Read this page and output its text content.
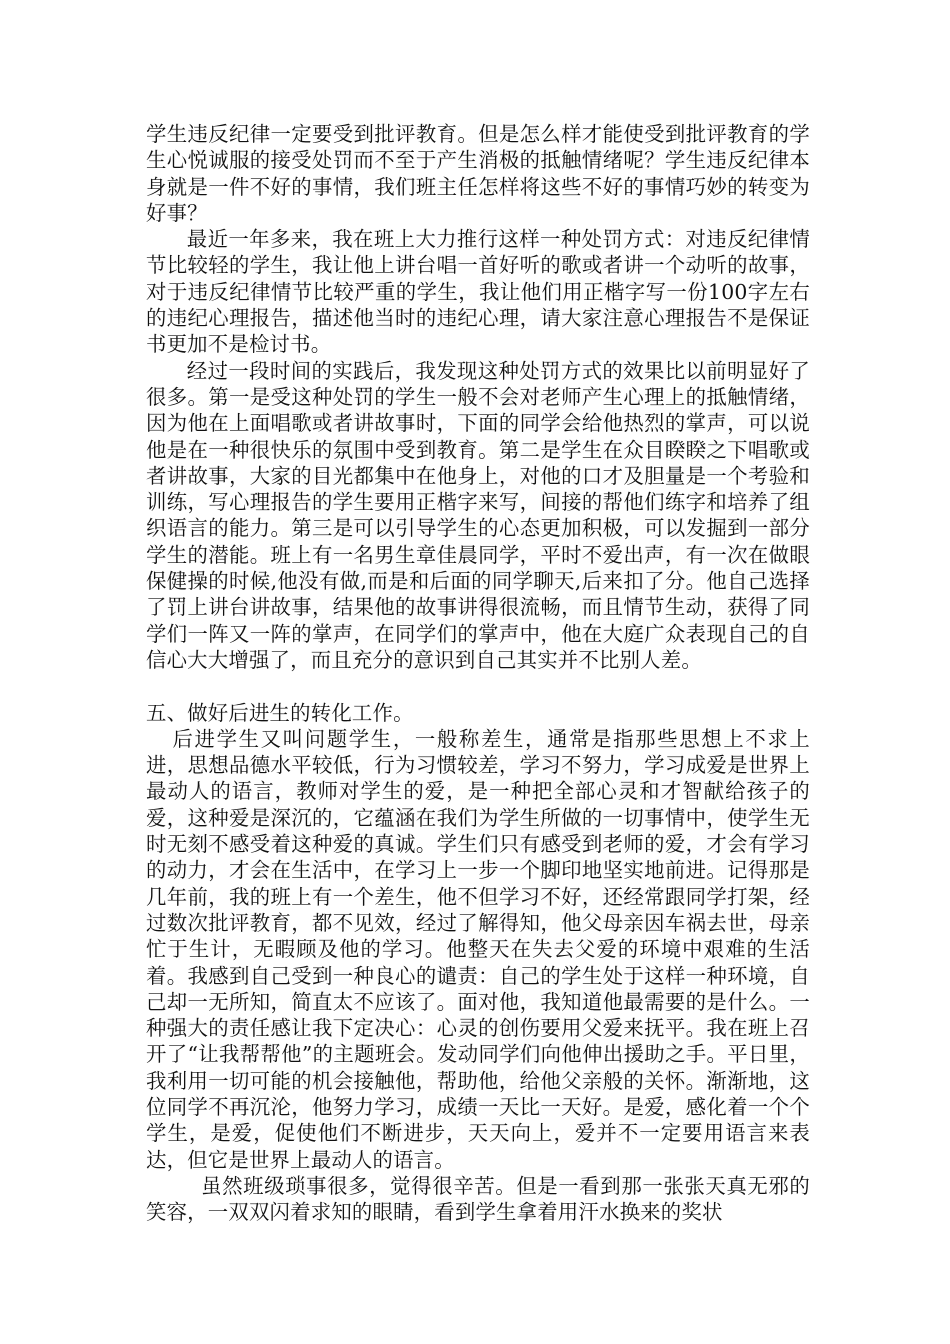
学生违反纪律一定要受到批评教育。但是怎么样才能使受到批评教育的学生心悦诚服的接受处罚而不至于产生消极的抵触情绪呢？学生违反纪律本身就是一件不好的事情，我们班主任怎样将这些不好的事情巧妙的转变为好事？

最近一年多来，我在班上大力推行这样一种处罚方式：对违反纪律情节比较轻的学生，我让他上讲台唱一首好听的歌或者讲一个动听的故事，对于违反纪律情节比较严重的学生，我让他们用正楷字写一份100字左右的违纪心理报告，描述他当时的违纪心理，请大家注意心理报告不是保证书更加不是检讨书。

经过一段时间的实践后，我发现这种处罚方式的效果比以前明显好了很多。第一是受这种处罚的学生一般不会对老师产生心理上的抵触情绪，因为他在上面唱歌或者讲故事时，下面的同学会给他热烈的掌声，可以说他是在一种很快乐的氛围中受到教育。第二是学生在众目睽睽之下唱歌或者讲故事，大家的目光都集中在他身上，对他的口才及胆量是一个考验和训练，写心理报告的学生要用正楷字来写，间接的帮他们练字和培养了组织语言的能力。第三是可以引导学生的心态更加积极，可以发掘到一部分学生的潜能。班上有一名男生章佳晨同学，平时不爱出声，有一次在做眼保健操的时候,他没有做,而是和后面的同学聊天,后来扣了分。他自己选择了罚上讲台讲故事，结果他的故事讲得很流畅，而且情节生动，获得了同学们一阵又一阵的掌声，在同学们的掌声中，他在大庭广众表现自己的自信心大大增强了，而且充分的意识到自己其实并不比别人差。

五、做好后进生的转化工作。

后进学生又叫问题学生，一般称差生，通常是指那些思想上不求上进，思想品德水平较低，行为习惯较差，学习不努力，学习成爱是世界上最动人的语言，教师对学生的爱，是一种把全部心灵和才智献给孩子的爱，这种爱是深沉的，它蕴涵在我们为学生所做的一切事情中，使学生无时无刻不感受着这种爱的真诚。学生们只有感受到老师的爱，才会有学习的动力，才会在生活中，在学习上一步一个脚印地坚实地前进。记得那是几年前，我的班上有一个差生，他不但学习不好，还经常跟同学打架，经过数次批评教育，都不见效，经过了解得知，他父母亲因车祸去世，母亲忙于生计，无暇顾及他的学习。他整天在失去父爱的环境中艰难的生活着。我感到自己受到一种良心的谴责：自己的学生处于这样一种环境，自己却一无所知，简直太不应该了。面对他，我知道他最需要的是什么。一种强大的责任感让我下定决心：心灵的创伤要用父爱来抚平。我在班上召开了“让我帮帮他”的主题班会。发动同学们向他伸出援助之手。平日里，我利用一切可能的机会接触他，帮助他，给他父亲般的关怀。渐渐地，这位同学不再沉沦，他努力学习，成绩一天比一天好。是爱，感化着一个个学生，是爱，促使他们不断进步，天天向上，爱并不一定要用语言来表达，但它是世界上最动人的语言。

虽然班级琐事很多，觉得很辛苦。但是一看到那一张张天真无邪的笑容，一双双闪着求知的眼睛，看到学生拿着用汗水换来的奖状
